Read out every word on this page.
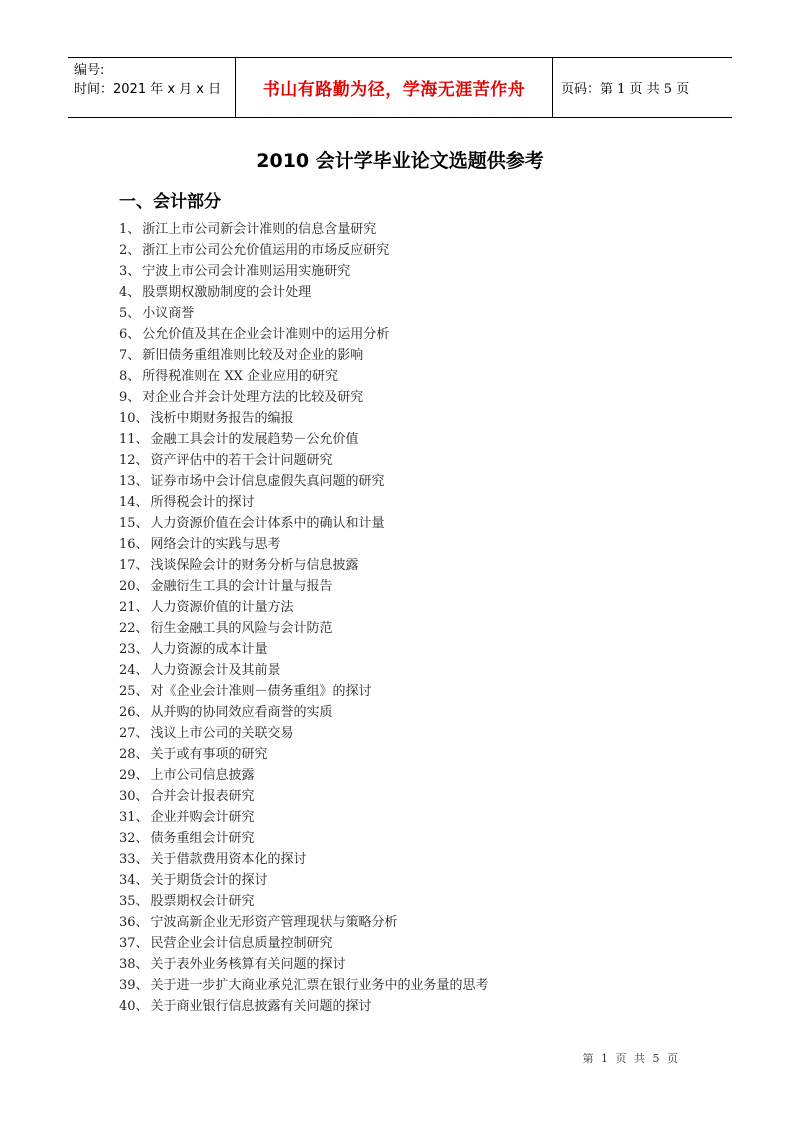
编号:
时间：2021 年 x 月 x 日	书山有路勤为径，学海无涯苦作舟	页码：第 1 页 共 5 页
2010 会计学毕业论文选题供参考
一、会计部分
1、 浙江上市公司新会计准则的信息含量研究
2、 浙江上市公司公允价值运用的市场反应研究
3、 宁波上市公司会计准则运用实施研究
4、 股票期权激励制度的会计处理
5、 小议商誉
6、 公允价值及其在企业会计准则中的运用分析
7、 新旧债务重组准则比较及对企业的影响
8、 所得税准则在 XX 企业应用的研究
9、 对企业合并会计处理方法的比较及研究
10、 浅析中期财务报告的编报
11、 金融工具会计的发展趋势－公允价值
12、 资产评估中的若干会计问题研究
13、 证券市场中会计信息虚假失真问题的研究
14、 所得税会计的探讨
15、 人力资源价值在会计体系中的确认和计量
16、 网络会计的实践与思考
17、 浅谈保险会计的财务分析与信息披露
20、 金融衍生工具的会计计量与报告
21、 人力资源价值的计量方法
22、 衍生金融工具的风险与会计防范
23、 人力资源的成本计量
24、 人力资源会计及其前景
25、 对《企业会计准则－债务重组》的探讨
26、 从并购的协同效应看商誉的实质
27、 浅议上市公司的关联交易
28、 关于或有事项的研究
29、 上市公司信息披露
30、 合并会计报表研究
31、 企业并购会计研究
32、 债务重组会计研究
33、 关于借款费用资本化的探讨
34、 关于期货会计的探讨
35、 股票期权会计研究
36、 宁波高新企业无形资产管理现状与策略分析
37、 民营企业会计信息质量控制研究
38、 关于表外业务核算有关问题的探讨
39、 关于进一步扩大商业承兑汇票在银行业务中的业务量的思考
40、 关于商业银行信息披露有关问题的探讨
第 1 页 共 5 页
